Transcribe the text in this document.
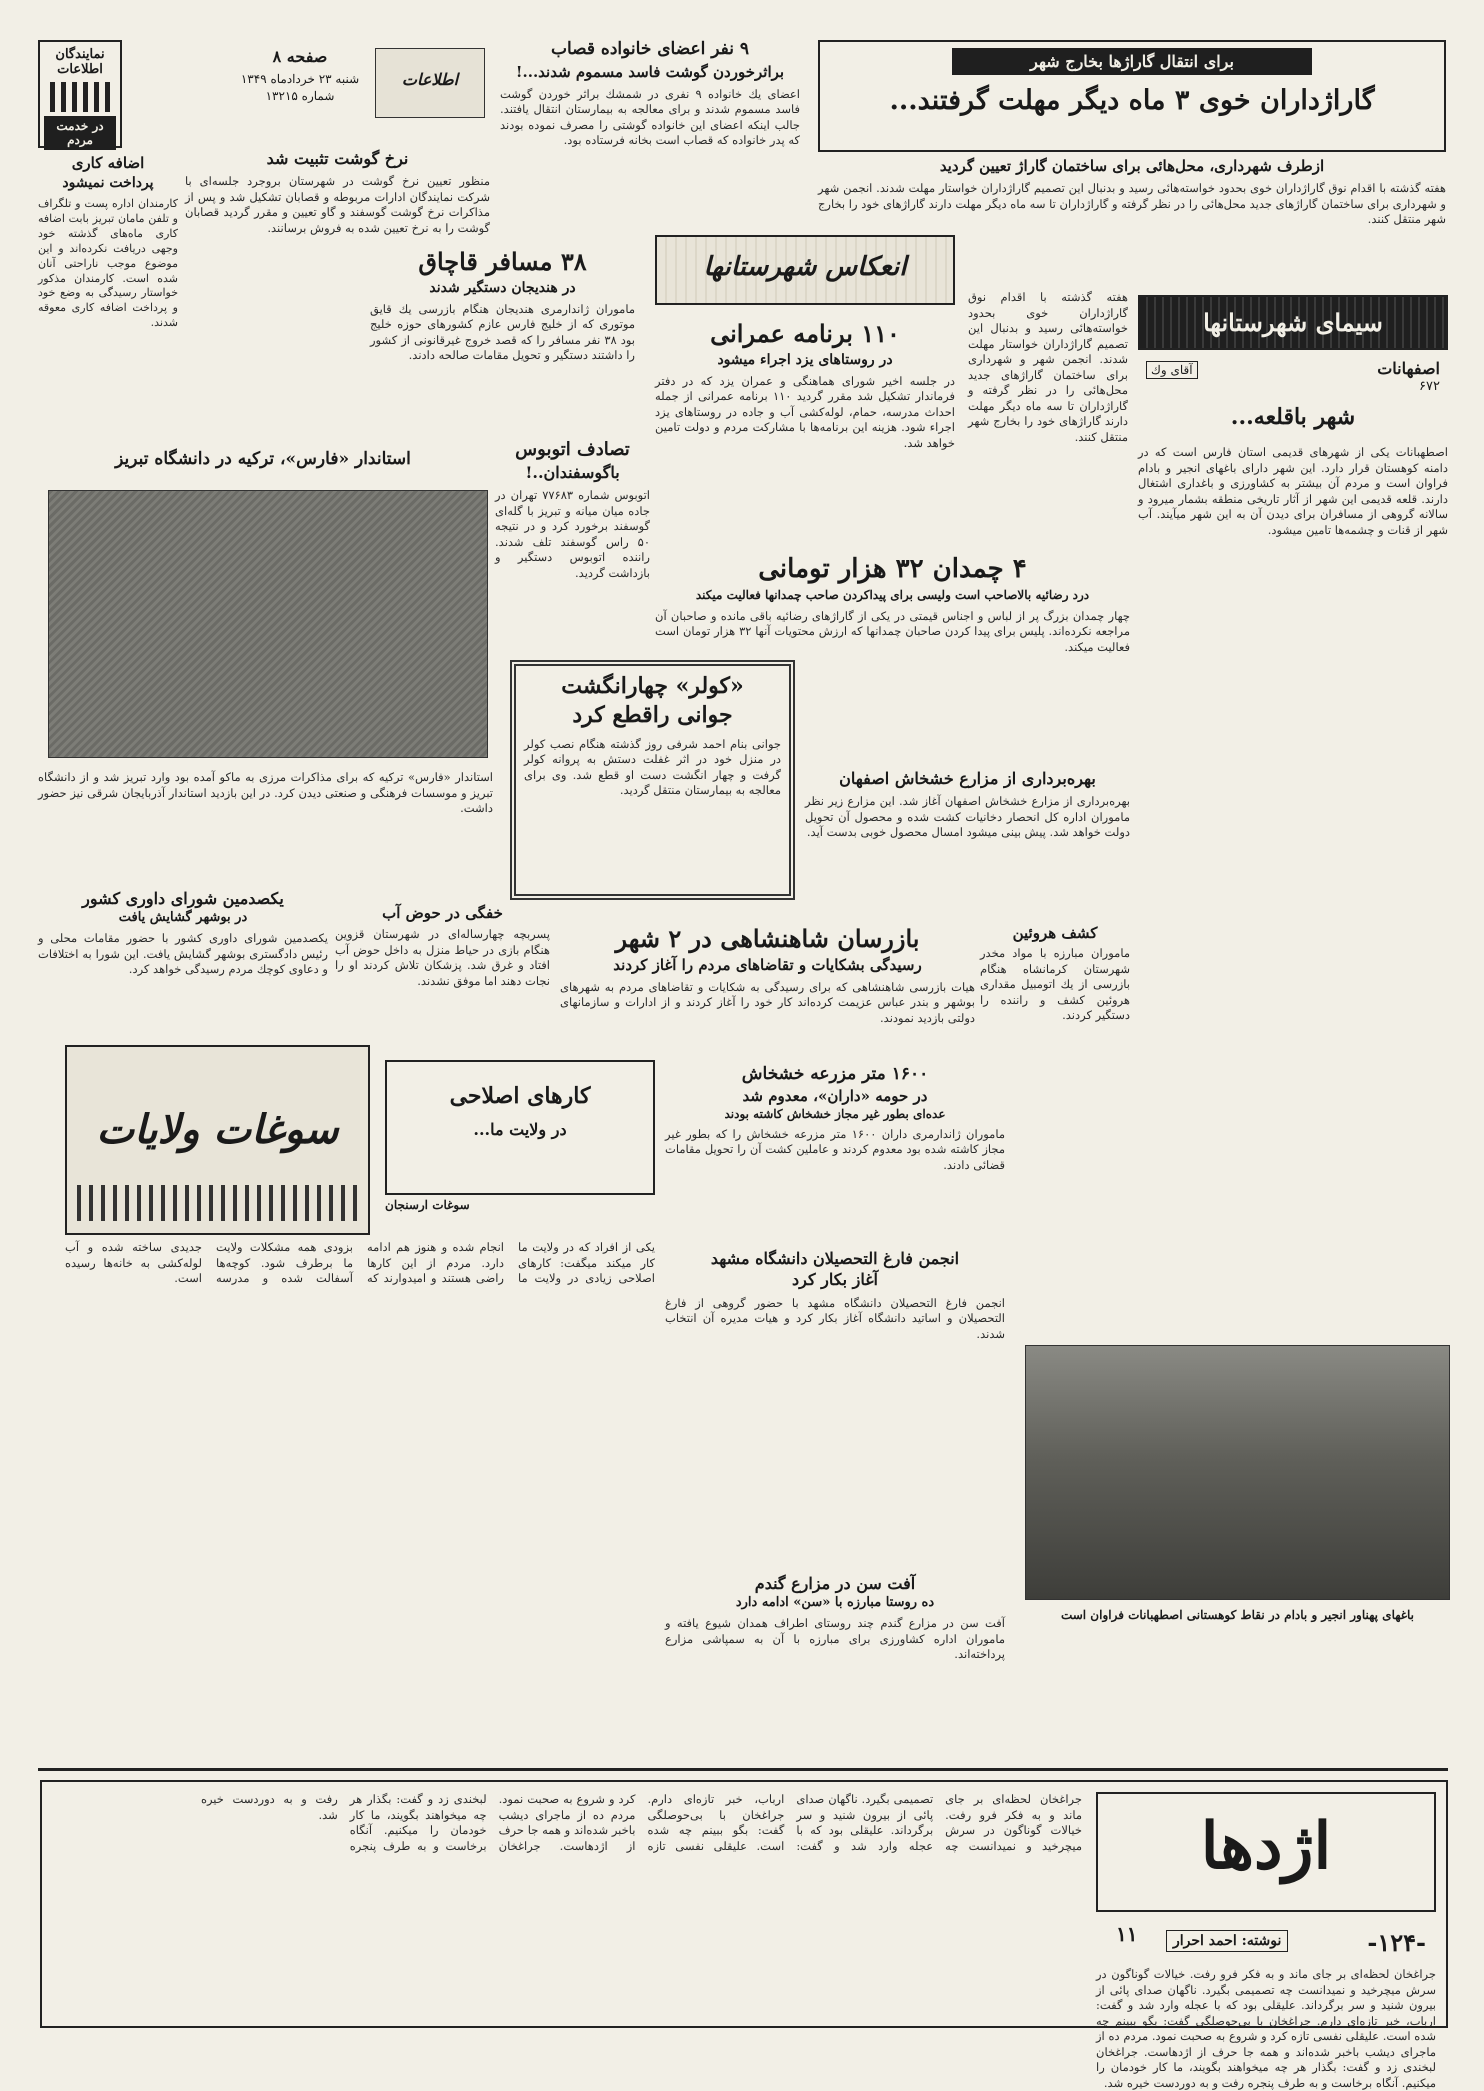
نمايندگان اطلاعات
در خدمت مردم
صفحه ۸
شنبه ۲۳ خردادماه ۱۳۴۹
شماره ۱۳۲۱۵
اطلاعات
۹ نفر اعضاى خانواده قصاب
براثرخوردن گوشت فاسد مسموم شدند...!
اعضاى يك خانواده ۹ نفرى در شمشك براثر خوردن گوشت فاسد مسموم شدند و براى معالجه به بيمارستان انتقال يافتند. جالب اينكه اعضاى اين خانواده گوشتى را مصرف نموده بودند كه پدر خانواده که قصاب است بخانه فرستاده بود.
براى انتقال گاراژها بخارج شهر
گاراژداران خوى ۳ ماه ديگر مهلت گرفتند...
ازطرف شهردارى، محل‌هائى براى ساختمان گاراژ تعيين گرديد
هفته گذشته با اقدام نوق گاراژداران خوى بحدود خواسته‌هائى رسيد و بدنبال این تصمیم گاراژداران خواستار مهلت شدند. انجمن شهر و شهردارى براى ساختمان گاراژهای جدید محل‌هائى را در نظر گرفته و گاراژداران تا سه ماه دیگر مهلت دارند گاراژهای خود را بخارج شهر منتقل کنند.
نرخ گوشت تثبيت شد
منظور تعيين نرخ گوشت در شهرستان بروجرد جلسه‌اى با شركت نمايندگان ادارات مربوطه و قصابان تشكيل شد و پس از مذاكرات نرخ گوشت گوسفند و گاو تعيين و مقرر گرديد قصابان گوشت را به نرخ تعيين شده به فروش برسانند.
اضافه كارى
پرداخت نميشود
كارمندان اداره پست و تلگراف و تلفن مامان تبريز بابت اضافه كارى ماه‌هاى گذشته خود وجهى دريافت نكرده‌اند و اين موضوع موجب ناراحتى آنان شده است. كارمندان مذكور خواستار رسيدگى به وضع خود و پرداخت اضافه كارى معوقه شدند.
۳۸ مسافر قاچاق
در هنديجان دستگير شدند
ماموران ژاندارمرى هنديجان هنگام بازرسى يك قايق موتورى كه از خليج فارس عازم كشورهاى حوزه خليج بود ۳۸ نفر مسافر را كه قصد خروج غيرقانونى از كشور را داشتند دستگير و تحويل مقامات صالحه دادند.
انعكاس شهرستانها
۱۱۰ برنامه عمرانى
در روستاهاى يزد اجراء ميشود
در جلسه اخير شوراى هماهنگى و عمران يزد كه در دفتر فرماندار تشكيل شد مقرر گرديد ۱۱۰ برنامه عمرانى از جمله احداث مدرسه، حمام، لوله‌كشى آب و جاده در روستاهاى يزد اجراء شود. هزينه اين برنامه‌ها با مشاركت مردم و دولت تامين خواهد شد.
هفته گذشته با اقدام نوق گاراژداران خوى بحدود خواسته‌هائى رسيد و بدنبال این تصمیم گاراژداران خواستار مهلت شدند. انجمن شهر و شهردارى براى ساختمان گاراژهای جدید محل‌هائى را در نظر گرفته و گاراژداران تا سه ماه دیگر مهلت دارند گاراژهای خود را بخارج شهر منتقل کنند.
سيماى شهرستانها
اصفهانات
۶۷۲
آقاى وك
شهر باقلعه...
اصطهبانات يكى از شهرهاى قديمى استان فارس است كه در دامنه كوهستان قرار دارد. اين شهر داراى باغهاى انجير و بادام فراوان است و مردم آن بيشتر به كشاورزى و باغدارى اشتغال دارند. قلعه قديمى اين شهر از آثار تاريخى منطقه بشمار ميرود و سالانه گروهى از مسافران براى ديدن آن به اين شهر ميآيند. آب شهر از قنات و چشمه‌ها تامين ميشود.
استاندار «فارس»، تركيه در دانشگاه تبريز	تصادف اتوبوس
باگوسفندان..!
اتوبوس شماره ۷۷۶۸۳ تهران در جاده ميان ميانه و تبريز با گله‌اى گوسفند برخورد كرد و در نتيجه ۵۰ راس گوسفند تلف شدند. راننده اتوبوس دستگير و بازداشت گرديد.	۴ چمدان ۳۲ هزار تومانى
درد رضائيه بالاصاحب است وليسى براى پيداكردن صاحب چمدانها فعاليت ميكند
چهار چمدان بزرگ پر از لباس و اجناس قيمتى در يكى از گاراژهاى رضائيه باقى مانده و صاحبان آن مراجعه نكرده‌اند. پليس براى پيدا كردن صاحبان چمدانها كه ارزش محتويات آنها ۳۲ هزار تومان است فعاليت ميكند.
«كولر» چهارانگشت
جوانى راقطع كرد
جوانى بنام احمد شرفى روز گذشته هنگام نصب كولر در منزل خود در اثر غفلت دستش به پروانه كولر گرفت و چهار انگشت دست او قطع شد. وى براى معالجه به بيمارستان منتقل گرديد.
بهره‌بردارى از مزارع خشخاش اصفهان
بهره‌بردارى از مزارع خشخاش اصفهان آغاز شد. اين مزارع زير نظر ماموران اداره كل انحصار دخانيات كشت شده و محصول آن تحويل دولت خواهد شد. پيش بينى ميشود امسال محصول خوبى بدست آيد.
استاندار «فارس» تركيه كه براى مذاكرات مرزى به ماكو آمده بود وارد تبريز شد و از دانشگاه تبريز و موسسات فرهنگى و صنعتى ديدن كرد. در اين بازديد استاندار آذربايجان شرقى نيز حضور داشت.
كشف هروئين
ماموران مبارزه با مواد مخدر شهرستان كرمانشاه هنگام بازرسى از يك اتومبيل مقدارى هروئين كشف و راننده را دستگير كردند.
يكصدمين شوراى داورى كشور
در بوشهر گشايش يافت
يكصدمين شوراى داورى كشور با حضور مقامات محلى و رئيس دادگسترى بوشهر گشايش يافت. اين شورا به اختلافات و دعاوى كوچك مردم رسيدگى خواهد كرد.
خفگى در حوض آب
پسربچه چهارساله‌اى در شهرستان قزوين هنگام بازى در حياط منزل به داخل حوض آب افتاد و غرق شد. پزشكان تلاش كردند او را نجات دهند اما موفق نشدند.
بازرسان شاهنشاهى در ۲ شهر
رسيدگى بشكايات و تقاضاهاى مردم را آغاز كردند
هيات بازرسى شاهنشاهى كه براى رسيدگى به شكايات و تقاضاهاى مردم به شهرهاى بوشهر و بندر عباس عزيمت كرده‌اند كار خود را آغاز كردند و از ادارات و سازمانهاى دولتى بازديد نمودند.
سوغات ولايات
كارهاى اصلاحى
در ولايت ما...
سوغات ارسنجان
يكى از افراد كه در ولايت ما كار ميكند ميگفت: كارهاى اصلاحى زيادى در ولايت ما انجام شده و هنوز هم ادامه دارد. مردم از اين كارها راضى هستند و اميدوارند كه بزودى همه مشكلات ولايت ما برطرف شود. كوچه‌ها آسفالت شده و مدرسه جديدى ساخته شده و آب لوله‌كشى به خانه‌ها رسيده است.
۱۶۰۰ متر مزرعه خشخاش
در حومه «داران»، معدوم شد
عده‌اى بطور غير مجاز خشخاش كاشته بودند
ماموران ژاندارمرى داران ۱۶۰۰ متر مزرعه خشخاش را كه بطور غير مجاز كاشته شده بود معدوم كردند و عاملين كشت آن را تحويل مقامات قضائى دادند.
انجمن فارغ التحصيلان دانشگاه مشهد
آغاز بكار كرد
انجمن فارغ التحصيلان دانشگاه مشهد با حضور گروهى از فارغ التحصيلان و اساتيد دانشگاه آغاز بكار كرد و هيات مديره آن انتخاب شدند.
آفت سن در مزارع گندم
ده روستا مبارزه با «سن» ادامه دارد
آفت سن در مزارع گندم چند روستاى اطراف همدان شيوع يافته و ماموران اداره كشاورزى براى مبارزه با آن به سمپاشى مزارع پرداخته‌اند.
باغهاى پهناور انجير و بادام در نقاط كوهستانى اصطهبانات فراوان است
اژدها
-۱۲۴-
نوشته: احمد احرار
۱۱
جراغخان لحظه‌اى بر جاى ماند و به فكر فرو رفت. خيالات گوناگون در سرش ميچرخيد و نميدانست چه تصميمى بگيرد. ناگهان صداى پائى از بيرون شنيد و سر برگرداند. عليقلى بود كه با عجله وارد شد و گفت: ارباب، خبر تازه‌اى دارم. جراغخان با بى‌حوصلگى گفت: بگو ببينم چه شده است. عليقلى نفسى تازه كرد و شروع به صحبت نمود. مردم ده از ماجراى ديشب باخبر شده‌اند و همه جا حرف از اژدهاست. جراغخان لبخندى زد و گفت: بگذار هر چه ميخواهند بگويند، ما كار خودمان را ميكنيم. آنگاه برخاست و به طرف پنجره رفت و به دوردست خيره شد.
جراغخان لحظه‌اى بر جاى ماند و به فكر فرو رفت. خيالات گوناگون در سرش ميچرخيد و نميدانست چه تصميمى بگيرد. ناگهان صداى پائى از بيرون شنيد و سر برگرداند. عليقلى بود كه با عجله وارد شد و گفت: ارباب، خبر تازه‌اى دارم. جراغخان با بى‌حوصلگى گفت: بگو ببينم چه شده است. عليقلى نفسى تازه كرد و شروع به صحبت نمود. مردم ده از ماجراى ديشب باخبر شده‌اند و همه جا حرف از اژدهاست. جراغخان لبخندى زد و گفت: بگذار هر چه ميخواهند بگويند، ما كار خودمان را ميكنيم. آنگاه برخاست و به طرف پنجره رفت و به دوردست خيره شد.
